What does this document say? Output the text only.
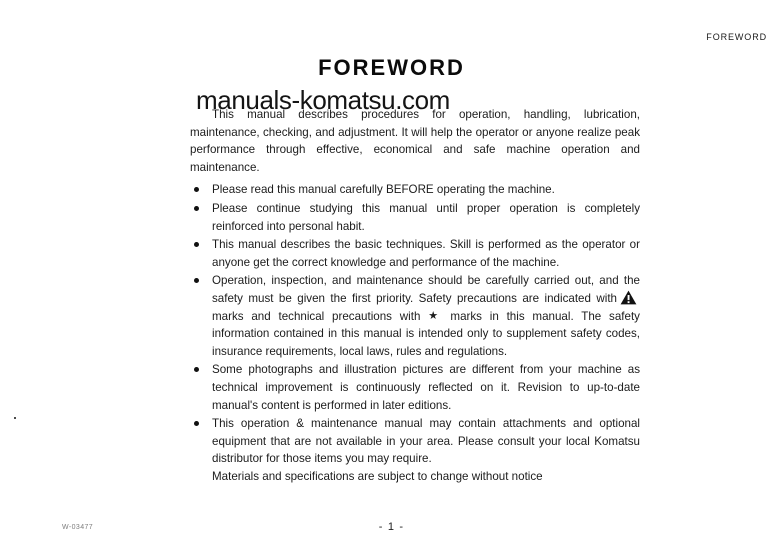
FOREWORD
FOREWORD
manuals-komatsu.com

This manual describes procedures for operation, handling, lubrication, maintenance, checking, and adjustment. It will help the operator or anyone realize peak performance through effective, economical and safe machine operation and maintenance.

Please read this manual carefully BEFORE operating the machine.
Please continue studying this manual until proper operation is completely reinforced into personal habit.
This manual describes the basic techniques. Skill is performed as the operator or anyone get the correct knowledge and performance of the machine.
Operation, inspection, and maintenance should be carefully carried out, and the safety must be given the first priority. Safety precautions are indicated with
marks and technical precautions with ★ marks in this manual. The safety information contained in this manual is intended only to supplement safety codes, insurance requirements, local laws, rules and regulations.
Some photographs and illustration pictures are different from your machine as technical improvement is continuously reflected on it. Revision to up-to-date manual's content is performed in later editions.
This operation & maintenance manual may contain attachments and optional equipment that are not available in your area. Please consult your local Komatsu distributor for those items you may require.
Materials and specifications are subject to change without notice
W-03477	- 1 -
